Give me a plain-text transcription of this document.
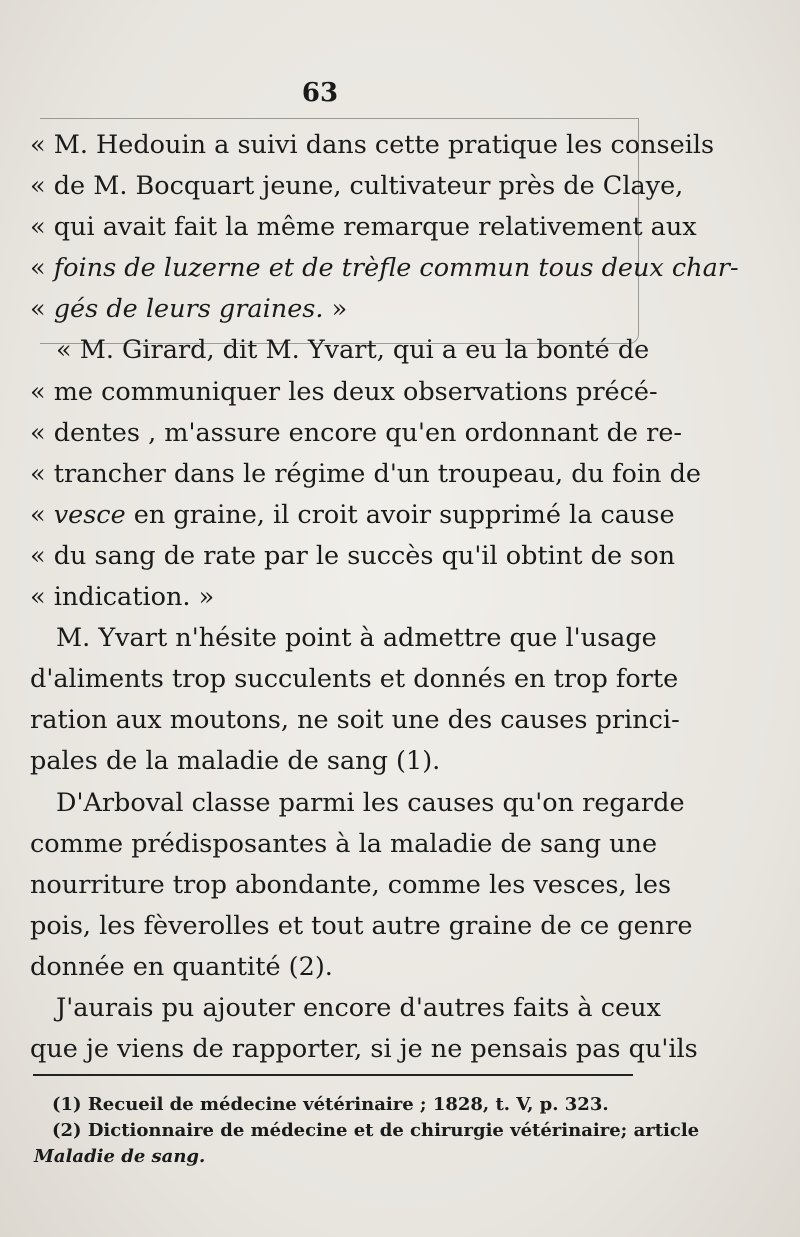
63
« M. Hedouin a suivi dans cette pratique les conseils
« de M. Bocquart jeune, cultivateur près de Claye,
« qui avait fait la même remarque relativement aux
« foins de luzerne et de trèfle commun tous deux char-
« gés de leurs graines. »
« M. Girard, dit M. Yvart, qui a eu la bonté de
« me communiquer les deux observations précé-
« dentes , m'assure encore qu'en ordonnant de re-
« trancher dans le régime d'un troupeau, du foin de
« vesce en graine, il croit avoir supprimé la cause
« du sang de rate par le succès qu'il obtint de son
« indication. »
M. Yvart n'hésite point à admettre que l'usage
d'aliments trop succulents et donnés en trop forte
ration aux moutons, ne soit une des causes princi-
pales de la maladie de sang (1).
D'Arboval classe parmi les causes qu'on regarde
comme prédisposantes à la maladie de sang une
nourriture trop abondante, comme les vesces, les
pois, les fèverolles et tout autre graine de ce genre
donnée en quantité (2).
J'aurais pu ajouter encore d'autres faits à ceux
que je viens de rapporter, si je ne pensais pas qu'ils
(1) Recueil de médecine vétérinaire ; 1828, t. V, p. 323.
(2) Dictionnaire de médecine et de chirurgie vétérinaire; article
Maladie de sang.
